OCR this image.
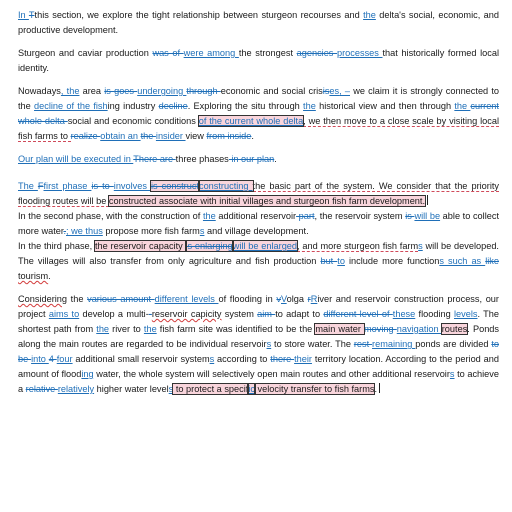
In Tthis section, we explore the tight relationship between sturgeon recourses and the delta's social, economic, and productive development.

Sturgeon and caviar production was of were among the strongest agencies processes that historically formed local identity.

Nowadays, the area is goes undergoing through economic and social crisises, – we claim it is strongly connected to the decline of the fishing industry decline. Exploring the situ through the historical view and then through the current whole delta social and economic conditions of the current whole delta, we then move to a close scale by visiting local fish farms to realize obtain an the insider view from inside.

Our plan will be executed in There are three phases in our plan.

The Ffirst phase is to involves is constructconstructing the basic part of the system. We consider that the priority flooding routes will be constructed associate with initial villages and sturgeon fish farm development.

In the second phase, with the construction of the additional reservoir part, the reservoir system is will be able to collect more water.; we thus propose more fish farms and village development.

In the third phase, the reservoir capacity is enlargingwill be enlarged, and more sturgeon fish farms will be developed. The villages will also transfer from only agriculture and fish production but to include more functions such as like tourism.

Considering the various amount different levels of flooding in vVolga rRiver and reservoir construction process, our project aims to develop a multi--reservoir capicity system aim to adapt to different level of these flooding levels. The shortest path from the river to the fish farm site was identified to be the main water moving navigation routes. Ponds along the main routes are regarded to be individual reservoirs to store water. The rest remaining ponds are divided to be into 4 four additional small reservoir systems according to there their territory location. According to the period and amount of flooding water, the whole system will selectively open main routes and other additional reservoirs to achieve a relative relatively higher water levels to protect a specific velocity transfer to fish farms.
